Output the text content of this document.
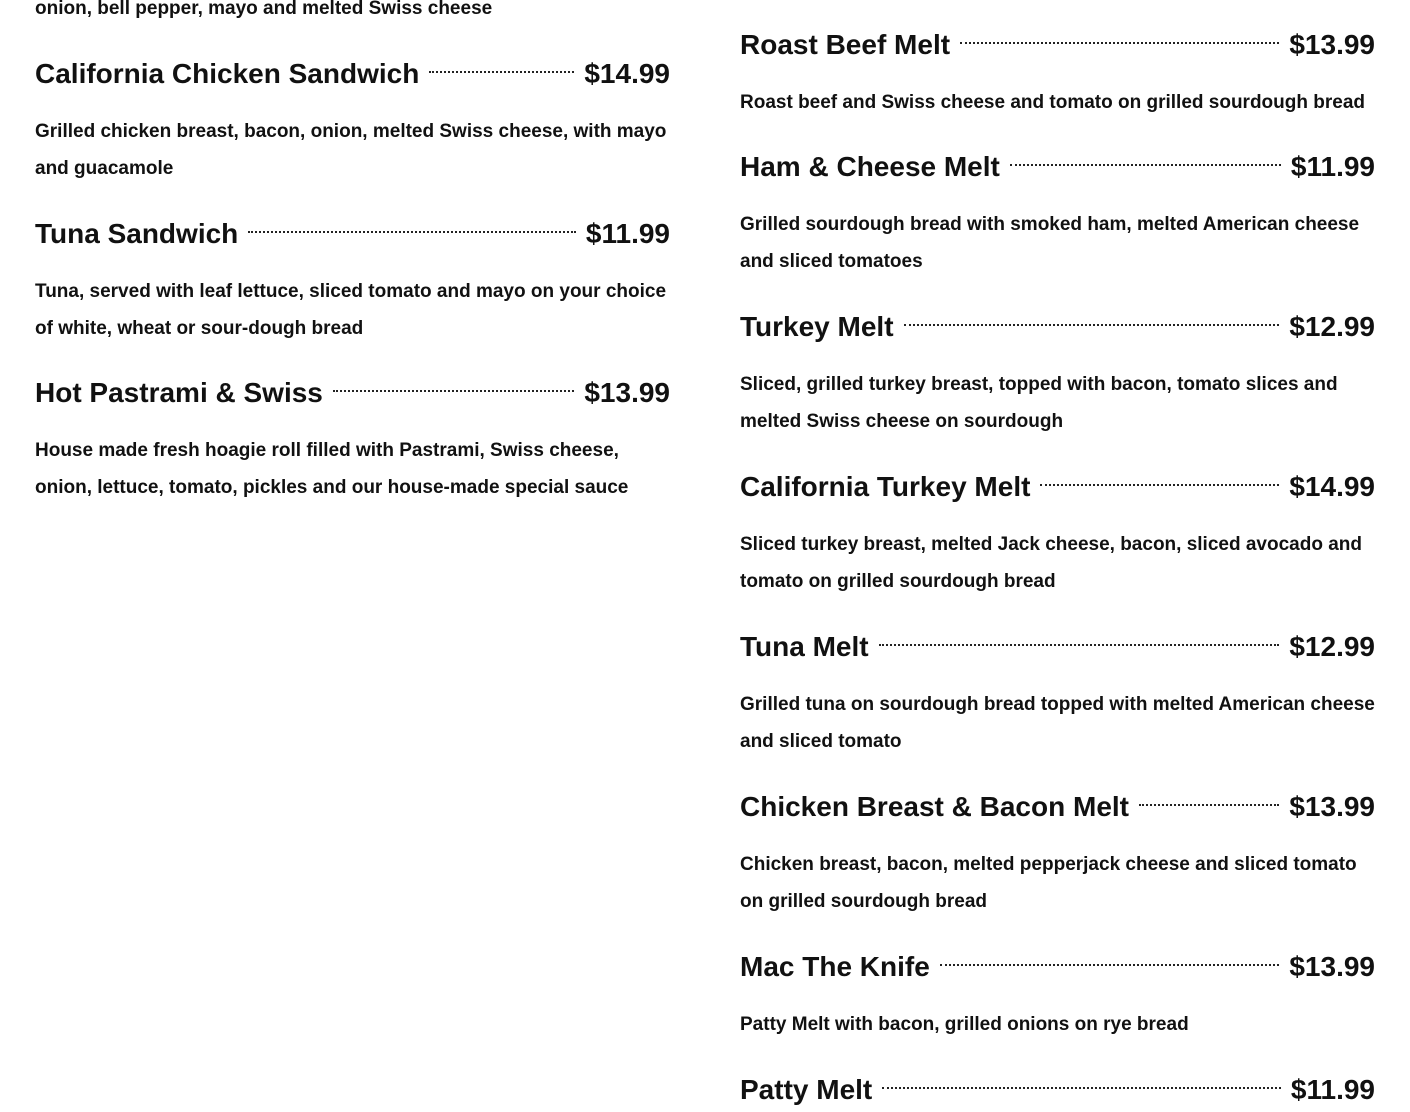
onion, bell pepper, mayo and melted Swiss cheese
California Chicken Sandwich	$14.99
Grilled chicken breast, bacon, onion, melted Swiss cheese, with mayo and guacamole
Tuna Sandwich	$11.99
Tuna, served with leaf lettuce, sliced tomato and mayo on your choice of white, wheat or sour-dough bread
Hot Pastrami & Swiss	$13.99
House made fresh hoagie roll filled with Pastrami, Swiss cheese, onion, lettuce, tomato, pickles and our house-made special sauce
Roast Beef Melt	$13.99
Roast beef and Swiss cheese and tomato on grilled sourdough bread
Ham & Cheese Melt	$11.99
Grilled sourdough bread with smoked ham, melted American cheese and sliced tomatoes
Turkey Melt	$12.99
Sliced, grilled turkey breast, topped with bacon, tomato slices and melted Swiss cheese on sourdough
California Turkey Melt	$14.99
Sliced turkey breast, melted Jack cheese, bacon, sliced avocado and tomato on grilled sourdough bread
Tuna Melt	$12.99
Grilled tuna on sourdough bread topped with melted American cheese and sliced tomato
Chicken Breast & Bacon Melt	$13.99
Chicken breast, bacon, melted pepperjack cheese and sliced tomato on grilled sourdough bread
Mac The Knife	$13.99
Patty Melt with bacon, grilled onions on rye bread
Patty Melt	$11.99
